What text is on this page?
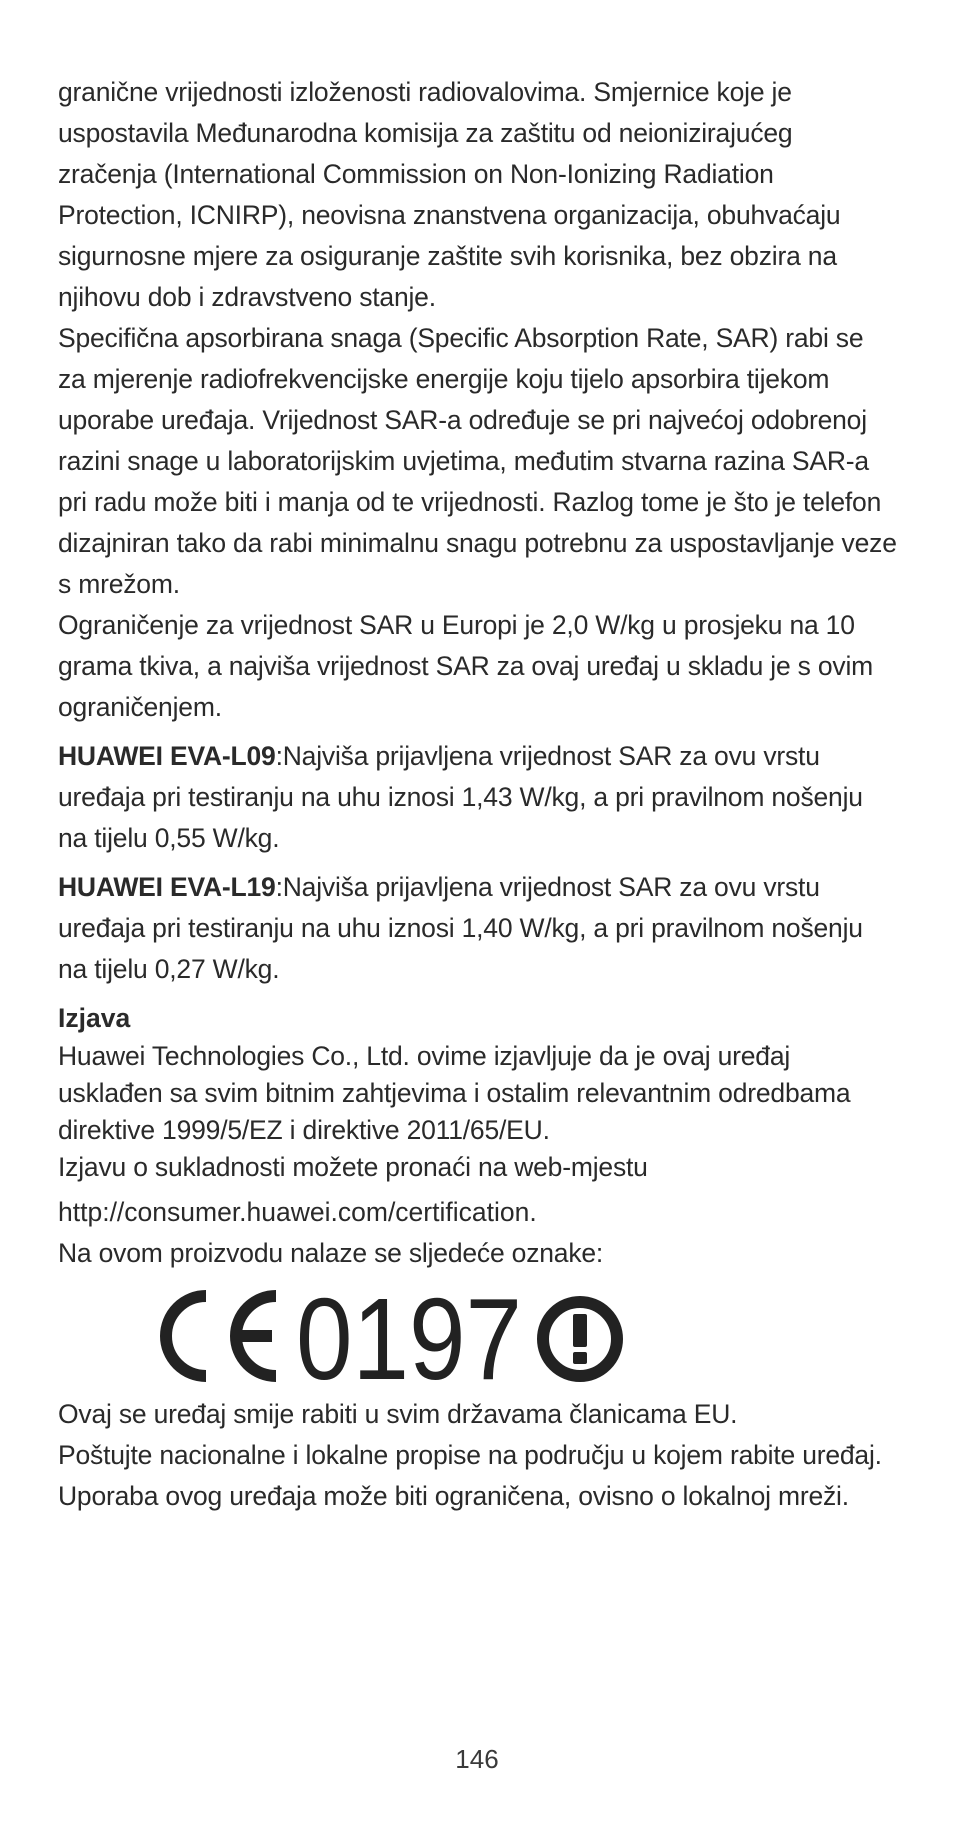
granične vrijednosti izloženosti radiovalovima. Smjernice koje je uspostavila Međunarodna komisija za zaštitu od neionizirajućeg zračenja (International Commission on Non-Ionizing Radiation Protection, ICNIRP), neovisna znanstvena organizacija, obuhvaćaju sigurnosne mjere za osiguranje zaštite svih korisnika, bez obzira na njihovu dob i zdravstveno stanje.

Specifična apsorbirana snaga (Specific Absorption Rate, SAR) rabi se za mjerenje radiofrekvencijske energije koju tijelo apsorbira tijekom uporabe uređaja. Vrijednost SAR-a određuje se pri najvećoj odobrenoj razini snage u laboratorijskim uvjetima, međutim stvarna razina SAR-a pri radu može biti i manja od te vrijednosti. Razlog tome je što je telefon dizajniran tako da rabi minimalnu snagu potrebnu za uspostavljanje veze s mrežom.

Ograničenje za vrijednost SAR u Europi je 2,0 W/kg u prosjeku na 10 grama tkiva, a najviša vrijednost SAR za ovaj uređaj u skladu je s ovim ograničenjem.

HUAWEI EVA-L09:Najviša prijavljena vrijednost SAR za ovu vrstu uređaja pri testiranju na uhu iznosi 1,43 W/kg, a pri pravilnom nošenju na tijelu 0,55 W/kg.

HUAWEI EVA-L19:Najviša prijavljena vrijednost SAR za ovu vrstu uređaja pri testiranju na uhu iznosi 1,40 W/kg, a pri pravilnom nošenju na tijelu 0,27 W/kg.

Izjava

Huawei Technologies Co., Ltd. ovime izjavljuje da je ovaj uređaj usklađen sa svim bitnim zahtjevima i ostalim relevantnim odredbama direktive 1999/5/EZ i direktive 2011/65/EU.

Izjavu o sukladnosti možete pronaći na web-mjestu

http://consumer.huawei.com/certification.

Na ovom proizvodu nalaze se sljedeće oznake:

0197

Ovaj se uređaj smije rabiti u svim državama članicama EU.

Poštujte nacionalne i lokalne propise na području u kojem rabite uređaj.

Uporaba ovog uređaja može biti ograničena, ovisno o lokalnoj mreži.

146
